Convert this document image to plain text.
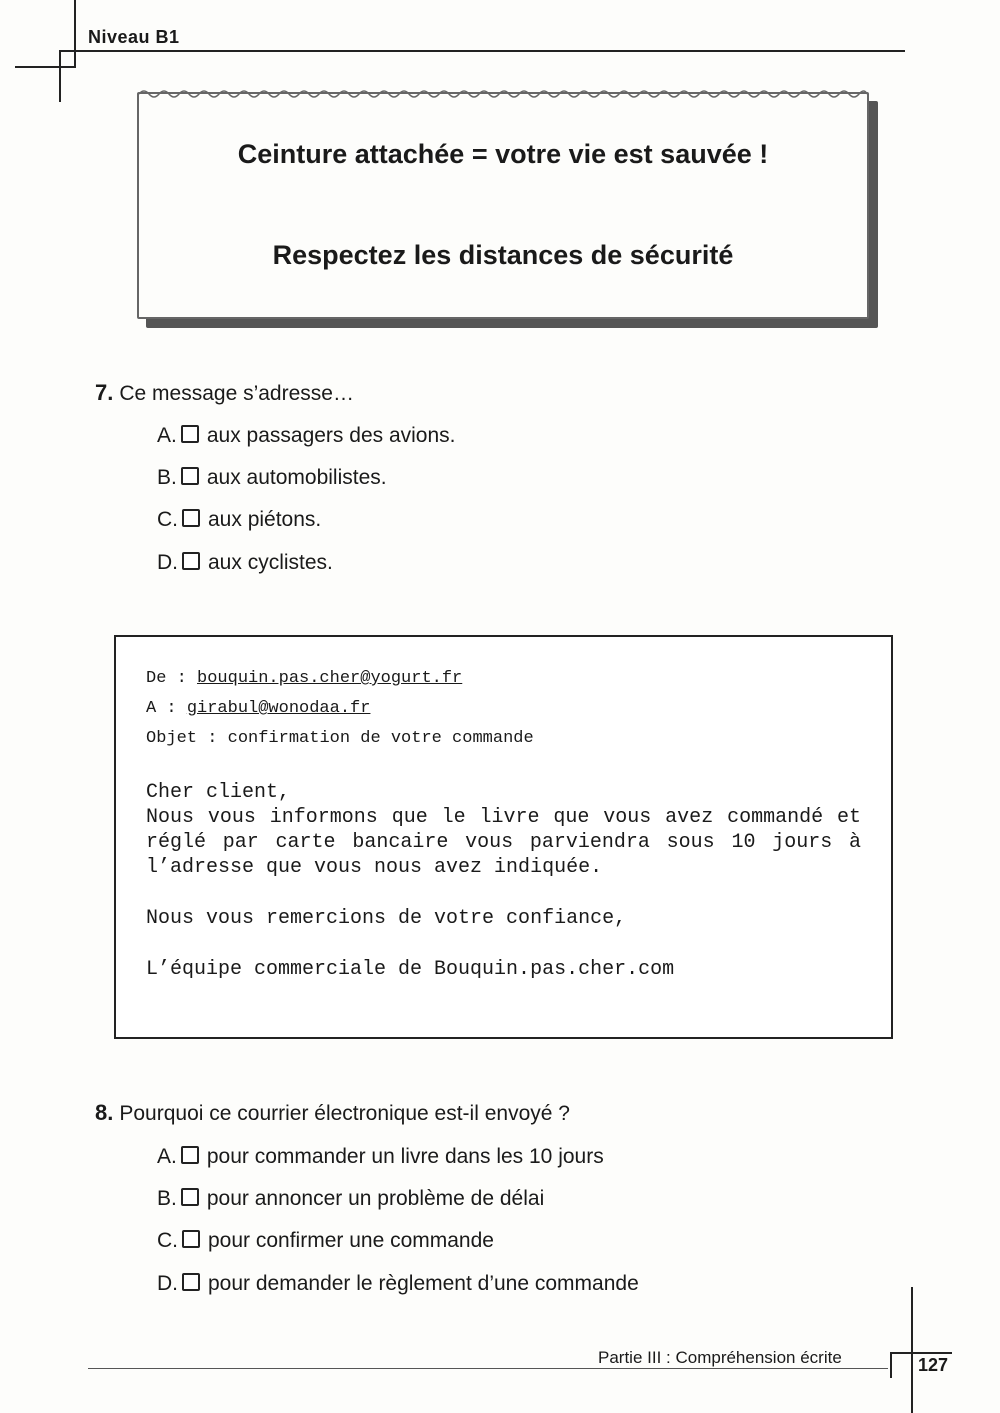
Niveau B1
Ceinture attachée = votre vie est sauvée !
Respectez les distances de sécurité
7. Ce message s’adresse…
A. aux passagers des avions.
B. aux automobilistes.
C. aux piétons.
D. aux cyclistes.
De : bouquin.pas.cher@yogurt.fr
A : girabul@wonodaa.fr
Objet : confirmation de votre commande

Cher client,

Nous vous informons que le livre que vous avez commandé et réglé par carte bancaire vous parviendra sous 10 jours à l’adresse que vous nous avez indiquée.

Nous vous remercions de votre confiance,

L’équipe commerciale de Bouquin.pas.cher.com

8. Pourquoi ce courrier électronique est-il envoyé ?
A. pour commander un livre dans les 10 jours
B. pour annoncer un problème de délai
C. pour confirmer une commande
D. pour demander le règlement d’une commande
Partie III : Compréhension écrite	127
